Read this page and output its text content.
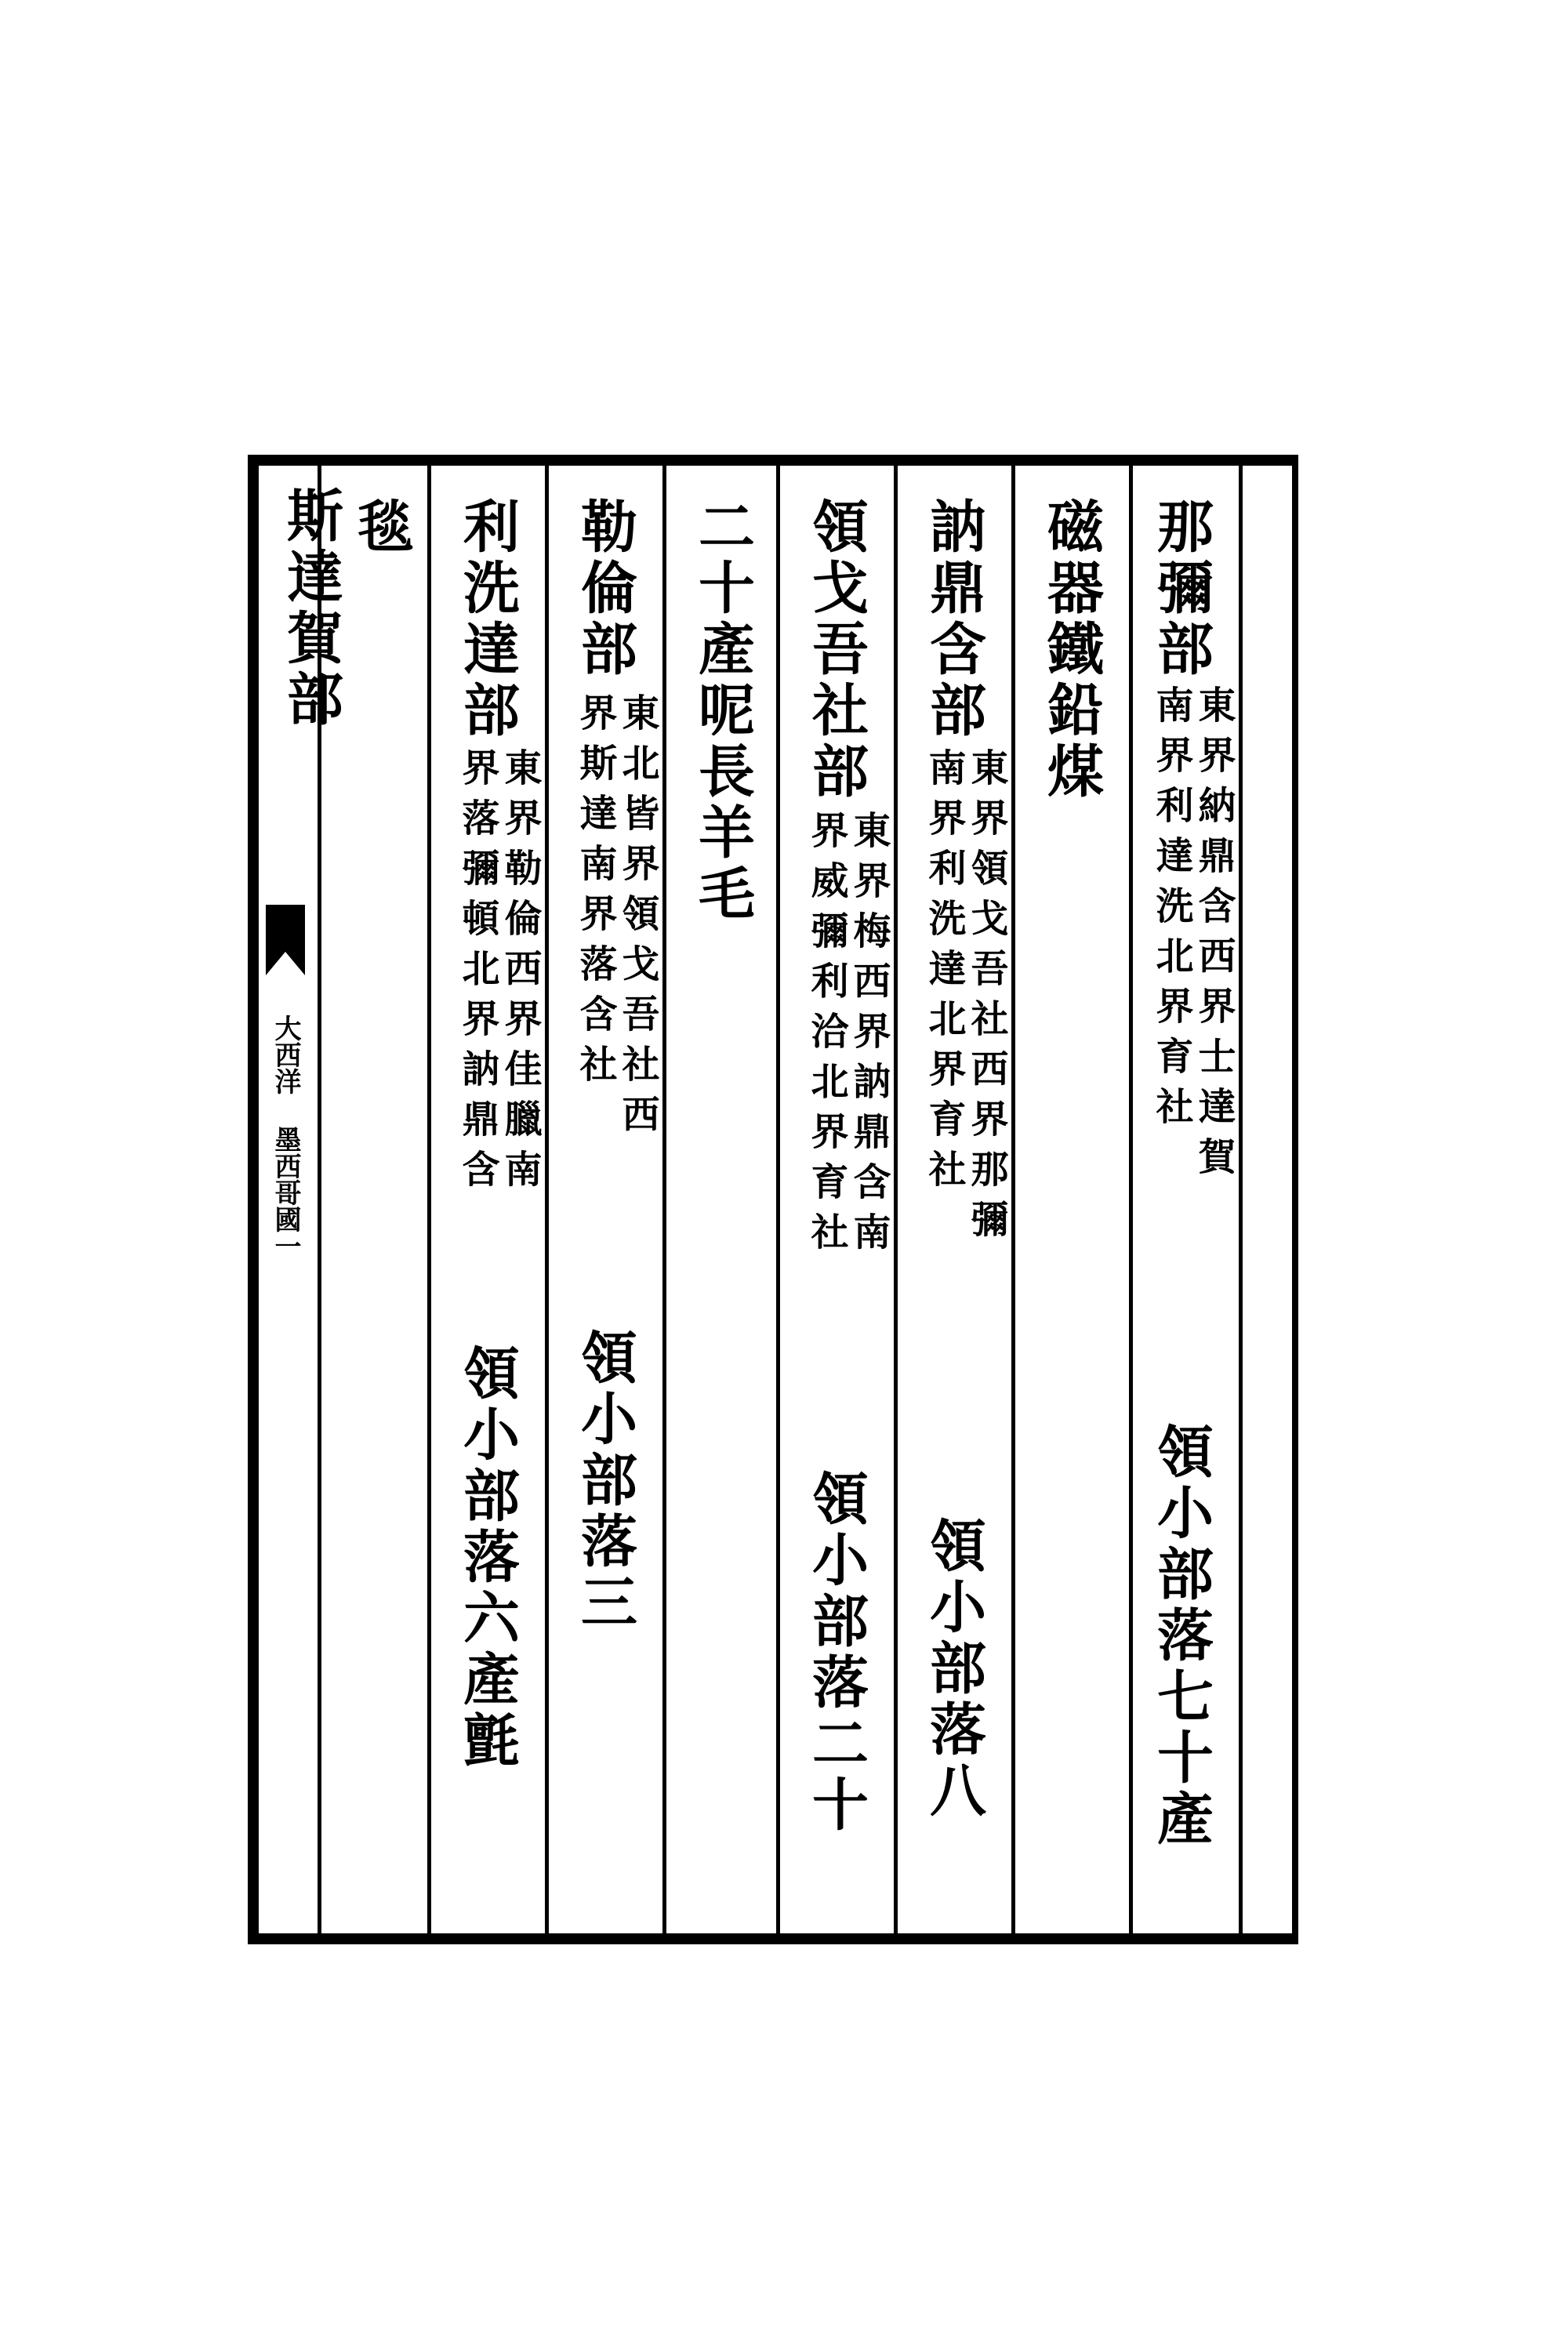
大西洋 墨西哥國一
那彌部
東界納鼎含西界士達賀
南界利達洗北界育社
領小部落七十產
磁器鐵鉛煤
訥鼎含部
東界領戈吾社西界那彌
南界利洗達北界育社
領小部落八
領戈吾社部
東界梅西界訥鼎含南
界威彌利洽北界育社
領小部落二十
二十產呢長羊毛
勒倫部
東北皆界領戈吾社西
界斯達南界落含社
領小部落三
利洗達部
東界勒倫西界佳臘南
界落彌頓北界訥鼎含
領小部落六產氈
毯
斯達賀部
